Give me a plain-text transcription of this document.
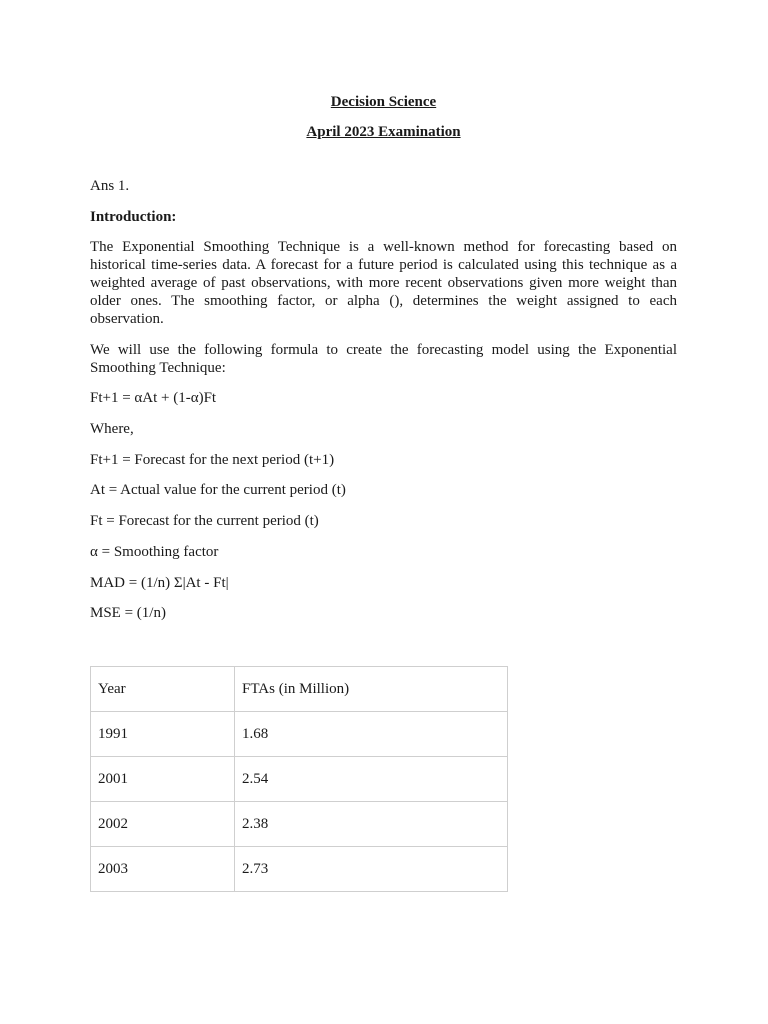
Decision Science
April 2023 Examination
Ans 1.
Introduction:
The Exponential Smoothing Technique is a well-known method for forecasting based on historical time-series data. A forecast for a future period is calculated using this technique as a weighted average of past observations, with more recent observations given more weight than older ones. The smoothing factor, or alpha (), determines the weight assigned to each observation.
We will use the following formula to create the forecasting model using the Exponential Smoothing Technique:
Ft+1 = αAt + (1-α)Ft
Where,
Ft+1 = Forecast for the next period (t+1)
At = Actual value for the current period (t)
Ft = Forecast for the current period (t)
α = Smoothing factor
MAD = (1/n) Σ|At - Ft|
MSE = (1/n)
Year	FTAs (in Million)
1991	1.68
2001	2.54
2002	2.38
2003	2.73
